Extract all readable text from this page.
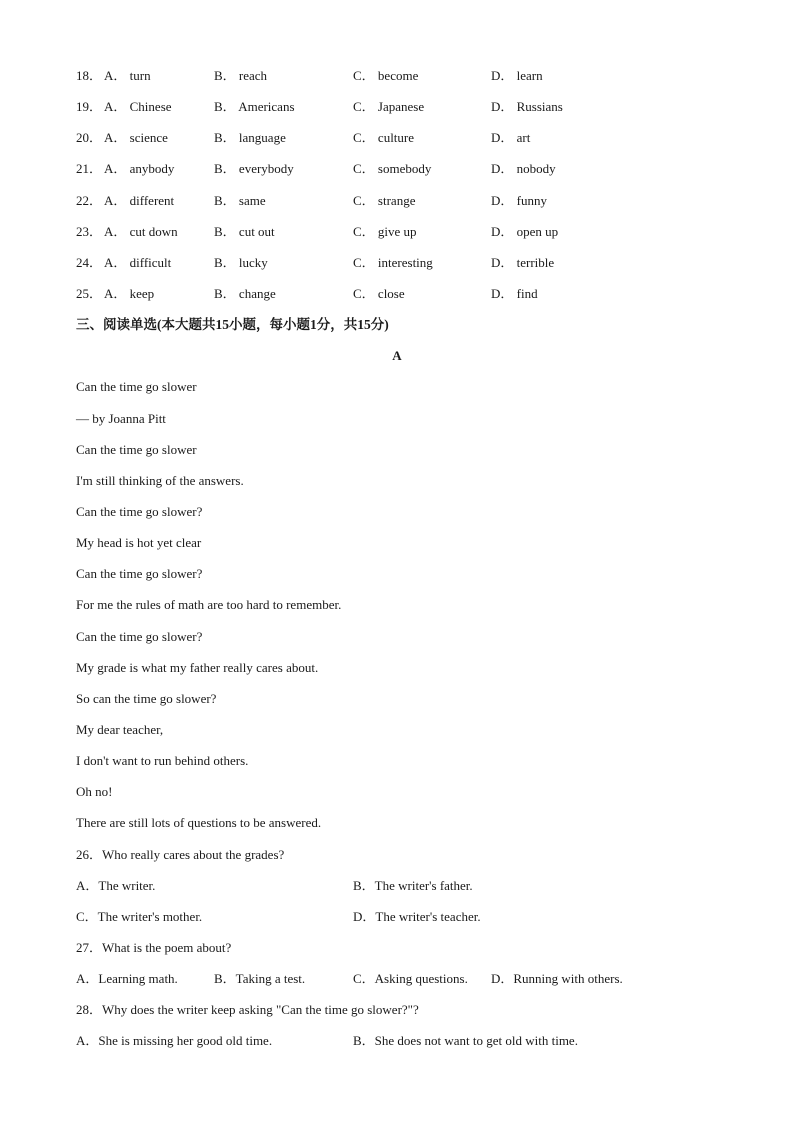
18． A． turn	B． reach	C． become	D． learn
19． A． Chinese	B． Americans	C． Japanese	D． Russians
20． A． science	B． language	C． culture	D． art
21． A． anybody	B． everybody	C． somebody	D． nobody
22． A． different	B． same	C． strange	D． funny
23． A． cut down	B． cut out	C． give up	D． open up
24． A． difficult	B． lucky	C． interesting	D． terrible
25． A． keep	B． change	C． close	D． find
三、阅读单选(本大题共15小题，每小题1分，共15分)
A
Can the time go slower
— by Joanna Pitt
Can the time go slower
I'm still thinking of the answers.
Can the time go slower?
My head is hot yet clear
Can the time go slower?
For me the rules of math are too hard to remember.
Can the time go slower?
My grade is what my father really cares about.
So can the time go slower?
My dear teacher,
I don't want to run behind others.
Oh no!
There are still lots of questions to be answered.
26．Who really cares about the grades?
A．The writer.	B．The writer's father.
C．The writer's mother.	D．The writer's teacher.
27．What is the poem about?
A．Learning math.	B．Taking a test.	C．Asking questions.	D．Running with others.
28．Why does the writer keep asking "Can the time go slower?"?
A．She is missing her good old time.	B．She does not want to get old with time.
